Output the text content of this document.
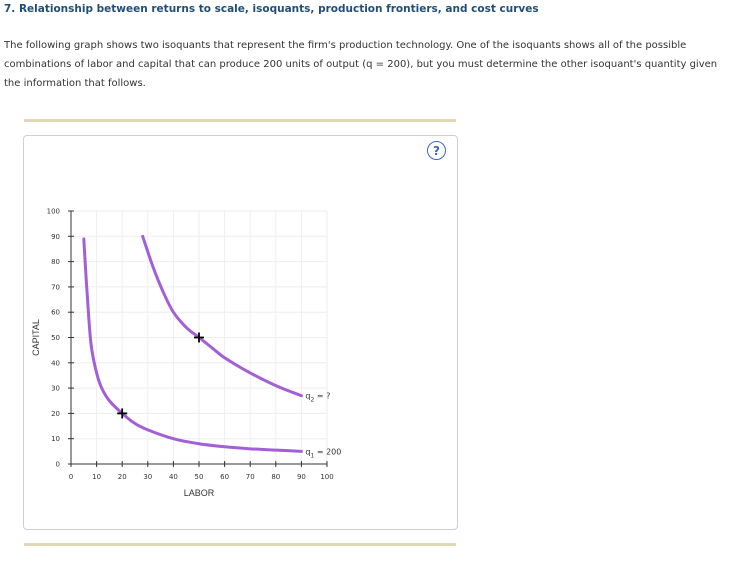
7. Relationship between returns to scale, isoquants, production frontiers, and cost curves
The following graph shows two isoquants that represent the firm's production technology. One of the isoquants shows all of the possible combinations of labor and capital that can produce 200 units of output (q = 200), but you must determine the other isoquant's quantity given the information that follows.
?
0	10 20 30 40 50 60 70 80 90 100
0
10
20
30
40
50
60
70
80
90
100
$q_1 = 200$
$q_2$ = ?
LABOR
CAPITAL
